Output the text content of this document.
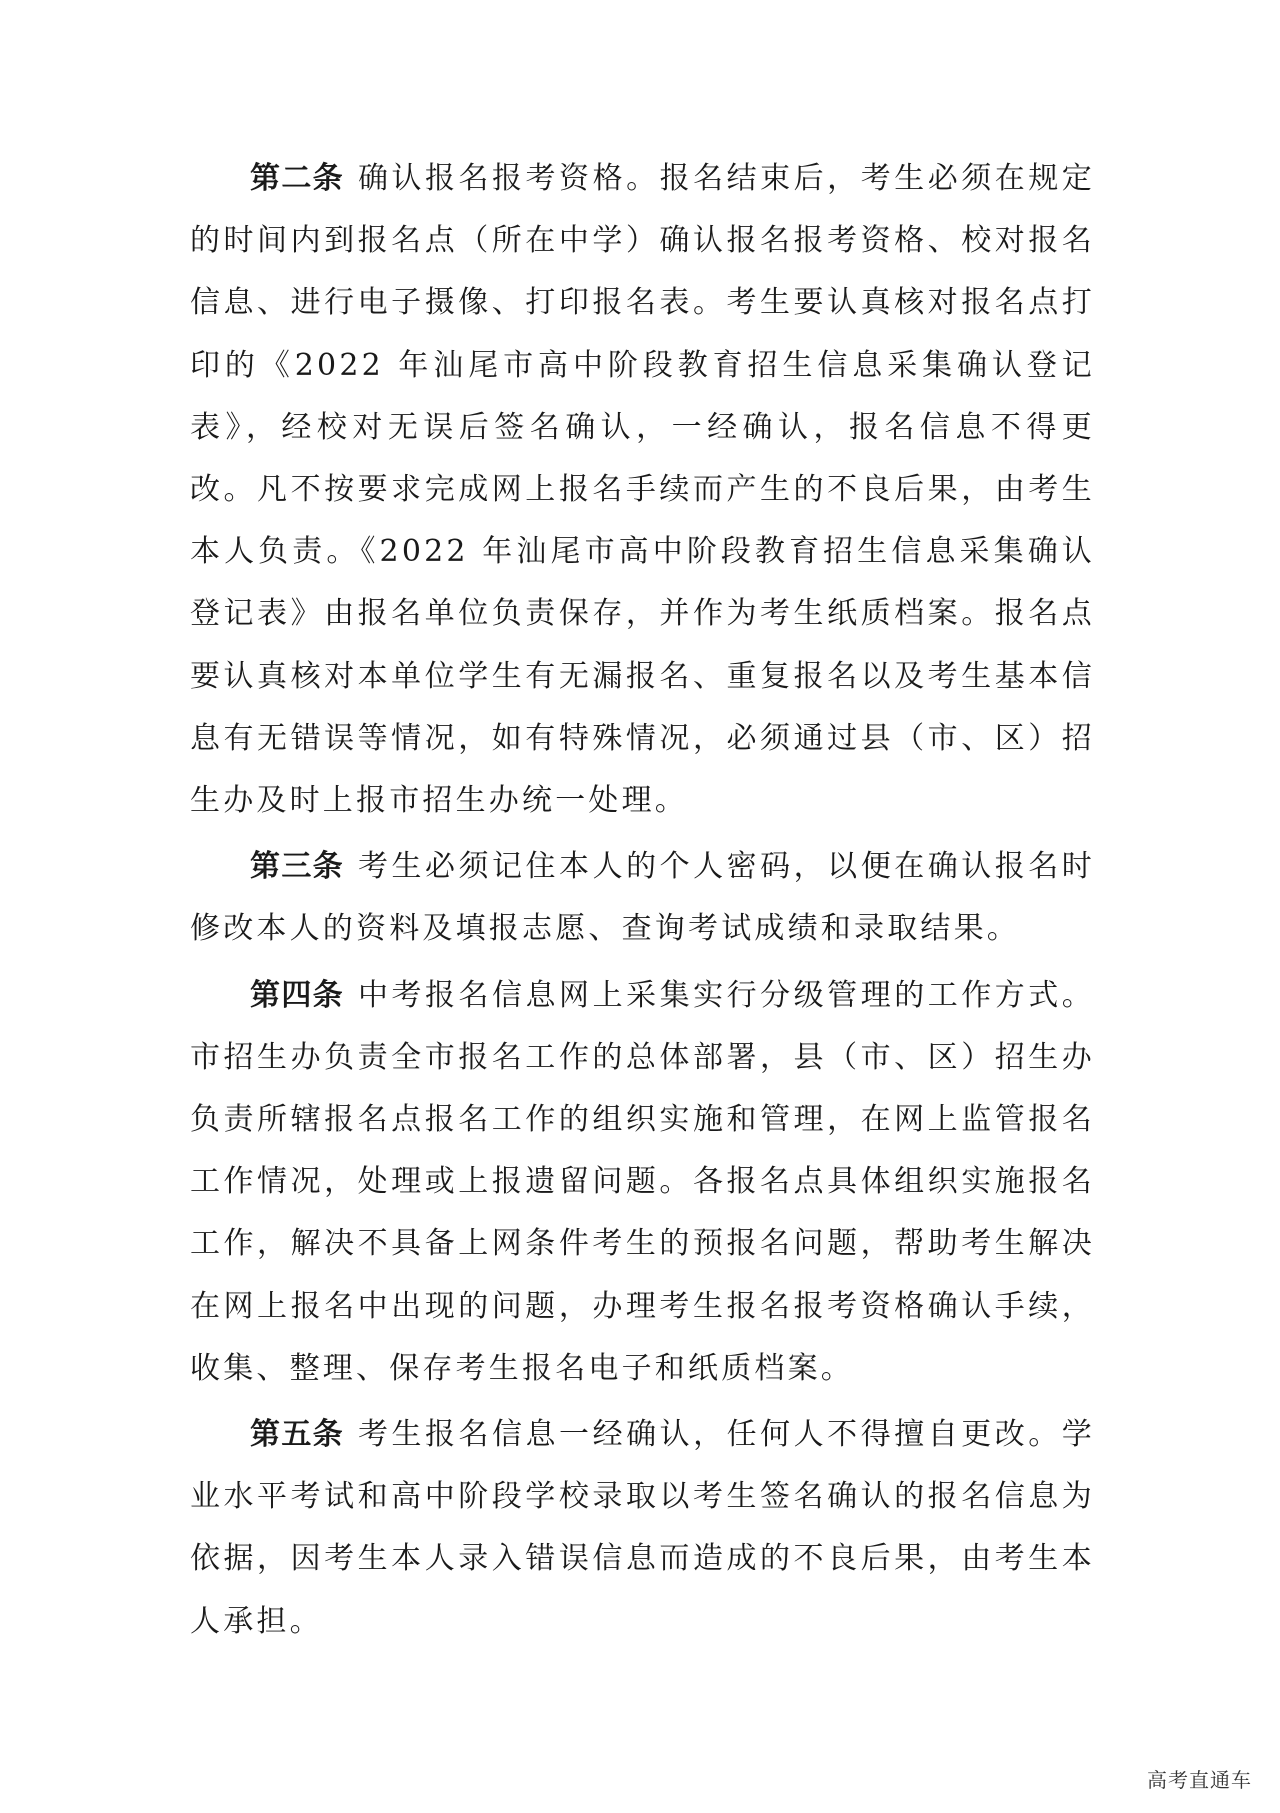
第二条 确认报名报考资格。报名结束后，考生必须在规定的时间内到报名点（所在中学）确认报名报考资格、校对报名信息、进行电子摄像、打印报名表。考生要认真核对报名点打印的《2022 年汕尾市高中阶段教育招生信息采集确认登记表》，经校对无误后签名确认，一经确认，报名信息不得更改。凡不按要求完成网上报名手续而产生的不良后果，由考生本人负责。《2022 年汕尾市高中阶段教育招生信息采集确认登记表》由报名单位负责保存，并作为考生纸质档案。报名点要认真核对本单位学生有无漏报名、重复报名以及考生基本信息有无错误等情况，如有特殊情况，必须通过县（市、区）招生办及时上报市招生办统一处理。

第三条 考生必须记住本人的个人密码，以便在确认报名时修改本人的资料及填报志愿、查询考试成绩和录取结果。

第四条 中考报名信息网上采集实行分级管理的工作方式。市招生办负责全市报名工作的总体部署，县（市、区）招生办负责所辖报名点报名工作的组织实施和管理，在网上监管报名工作情况，处理或上报遗留问题。各报名点具体组织实施报名工作，解决不具备上网条件考生的预报名问题，帮助考生解决在网上报名中出现的问题，办理考生报名报考资格确认手续，收集、整理、保存考生报名电子和纸质档案。

第五条 考生报名信息一经确认，任何人不得擅自更改。学业水平考试和高中阶段学校录取以考生签名确认的报名信息为依据，因考生本人录入错误信息而造成的不良后果，由考生本人承担。

高考直通车
